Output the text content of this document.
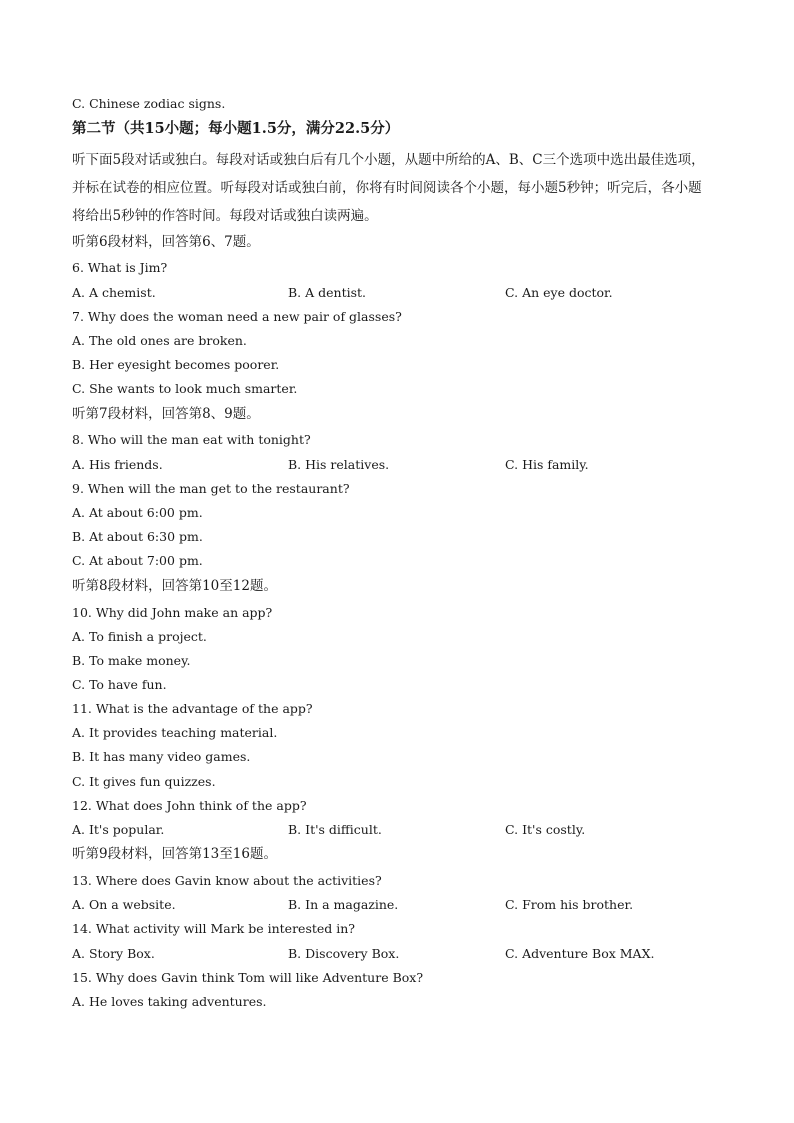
C. Chinese zodiac signs.
第二节（共15小题；每小题1.5分，满分22.5分）
听下面5段对话或独白。每段对话或独白后有几个小题，从题中所给的A、B、C三个选项中选出最佳选项，并标在试卷的相应位置。听每段对话或独白前，你将有时间阅读各个小题，每小题5秒钟；听完后，各小题将给出5秒钟的作答时间。每段对话或独白读两遍。
听第6段材料，回答第6、7题。
6. What is Jim?
A. A chemist.	B. A dentist.	C. An eye doctor.
7. Why does the woman need a new pair of glasses?
A. The old ones are broken.
B. Her eyesight becomes poorer.
C. She wants to look much smarter.
听第7段材料，回答第8、9题。
8. Who will the man eat with tonight?
A. His friends.	B. His relatives.	C. His family.
9. When will the man get to the restaurant?
A. At about 6:00 pm.
B. At about 6:30 pm.
C. At about 7:00 pm.
听第8段材料，回答第10至12题。
10. Why did John make an app?
A. To finish a project.
B. To make money.
C. To have fun.
11. What is the advantage of the app?
A. It provides teaching material.
B. It has many video games.
C. It gives fun quizzes.
12. What does John think of the app?
A. It's popular.	B. It's difficult.	C. It's costly.
听第9段材料，回答第13至16题。
13. Where does Gavin know about the activities?
A. On a website.	B. In a magazine.	C. From his brother.
14. What activity will Mark be interested in?
A. Story Box.	B. Discovery Box.	C. Adventure Box MAX.
15. Why does Gavin think Tom will like Adventure Box?
A. He loves taking adventures.
